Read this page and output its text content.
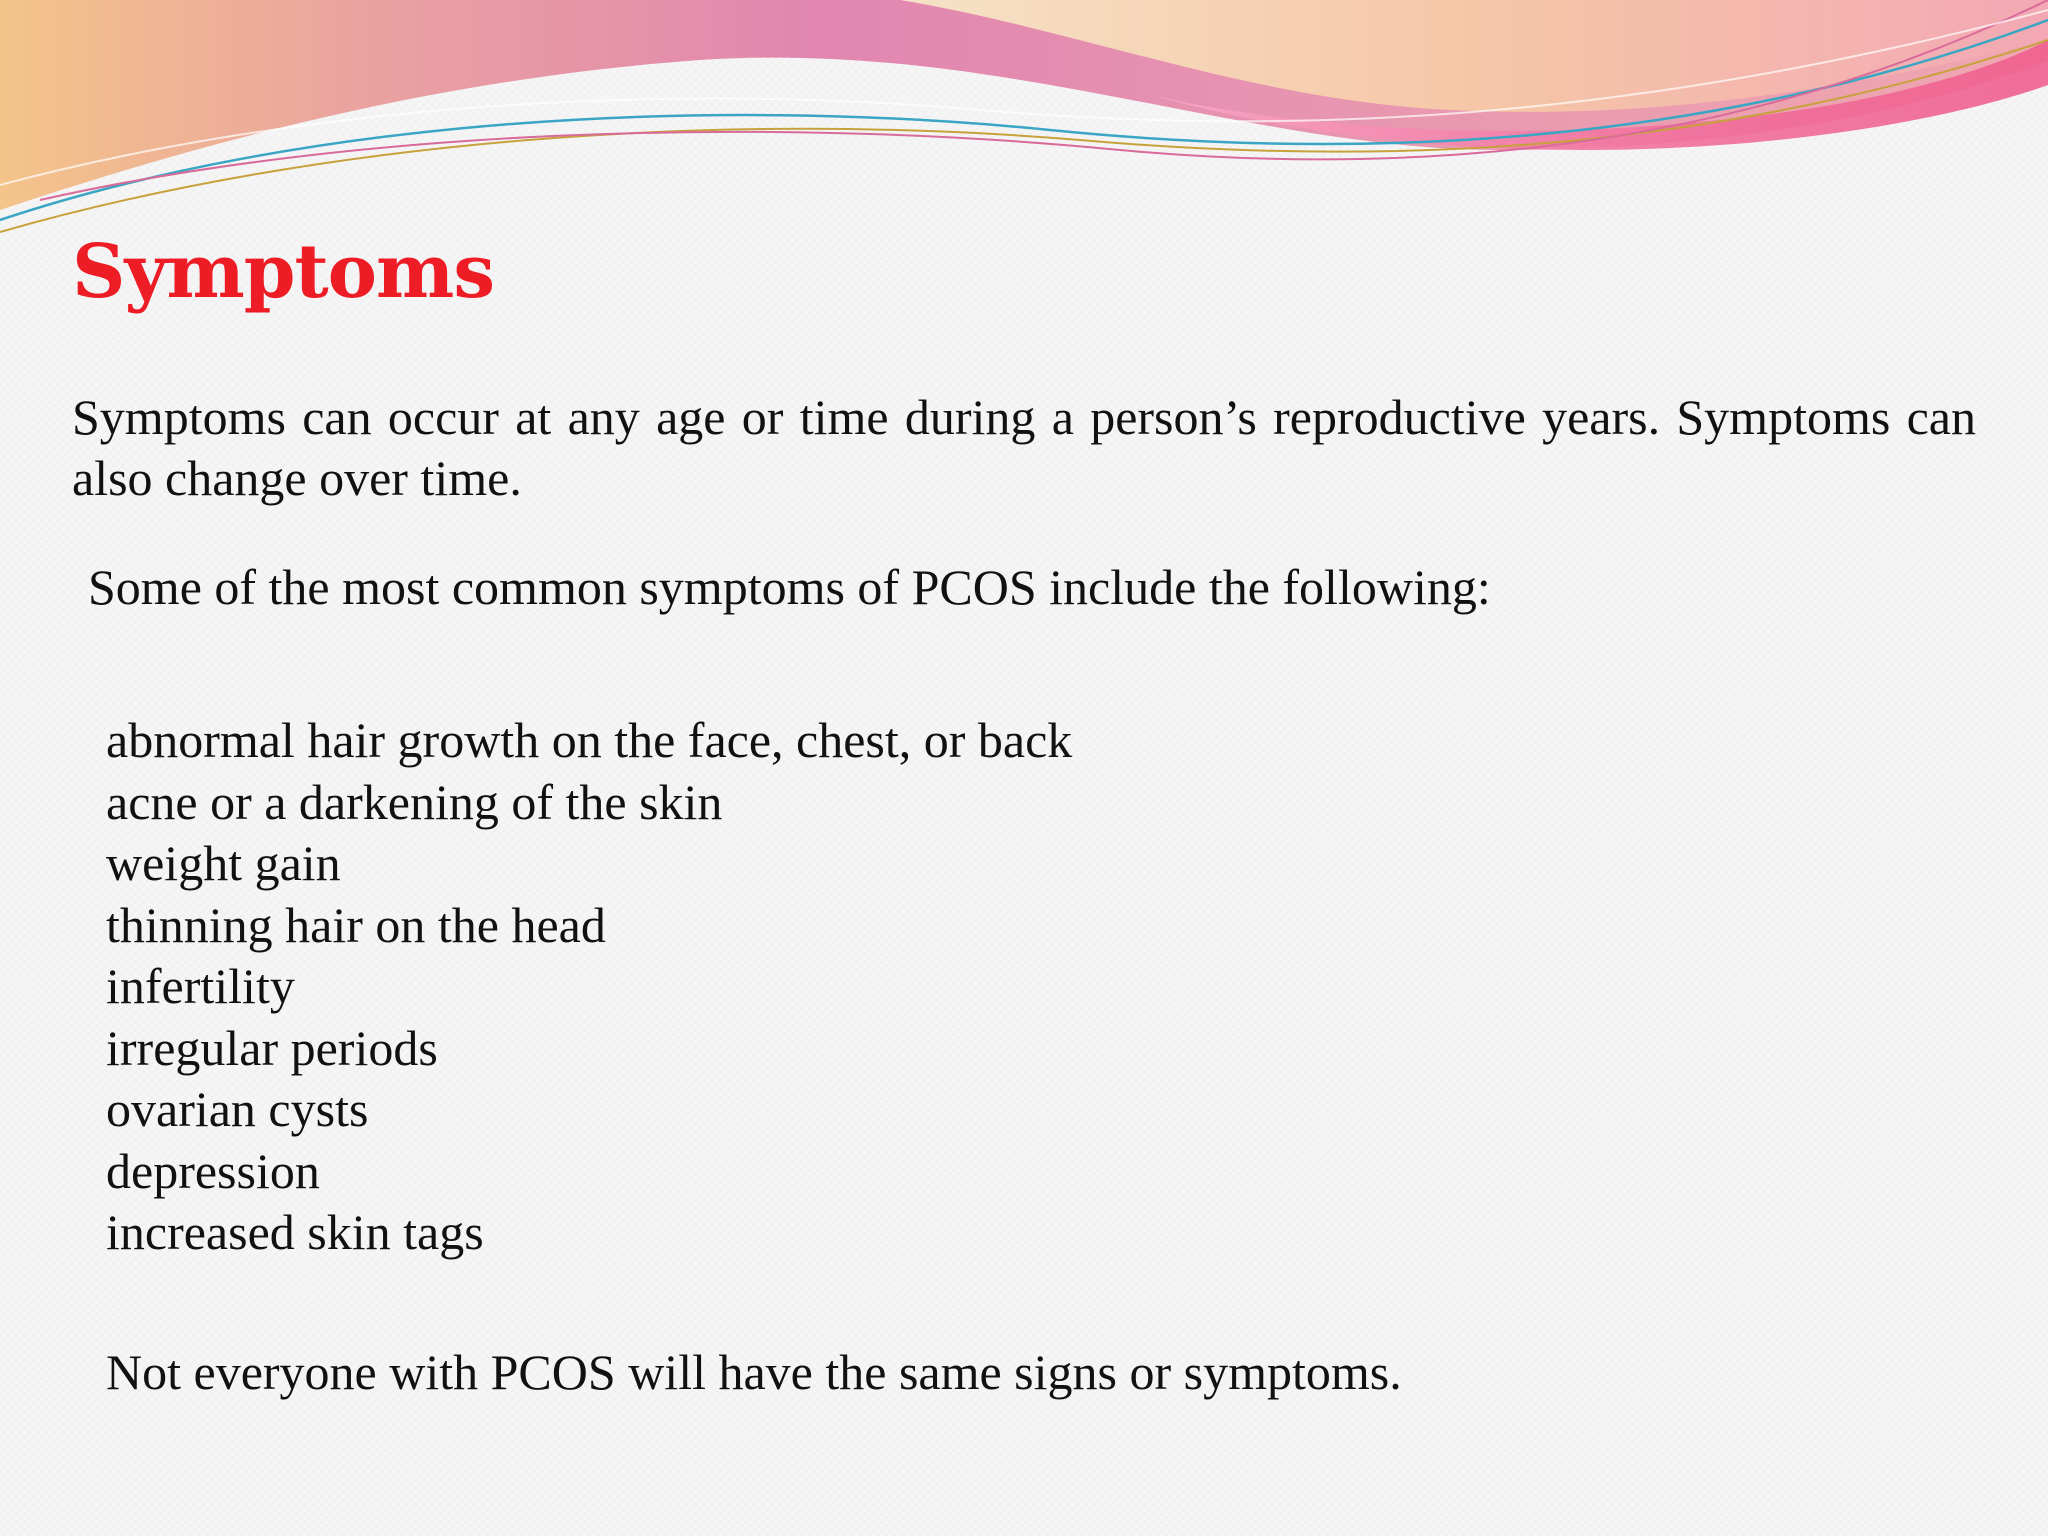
Symptoms

Symptoms can occur at any age or time during a person’s reproductive years. Symptoms can also change over time.

Some of the most common symptoms of PCOS include the following:

abnormal hair growth on the face, chest, or back
acne or a darkening of the skin
weight gain
thinning hair on the head
infertility
irregular periods
ovarian cysts
depression
increased skin tags

Not everyone with PCOS will have the same signs or symptoms.
